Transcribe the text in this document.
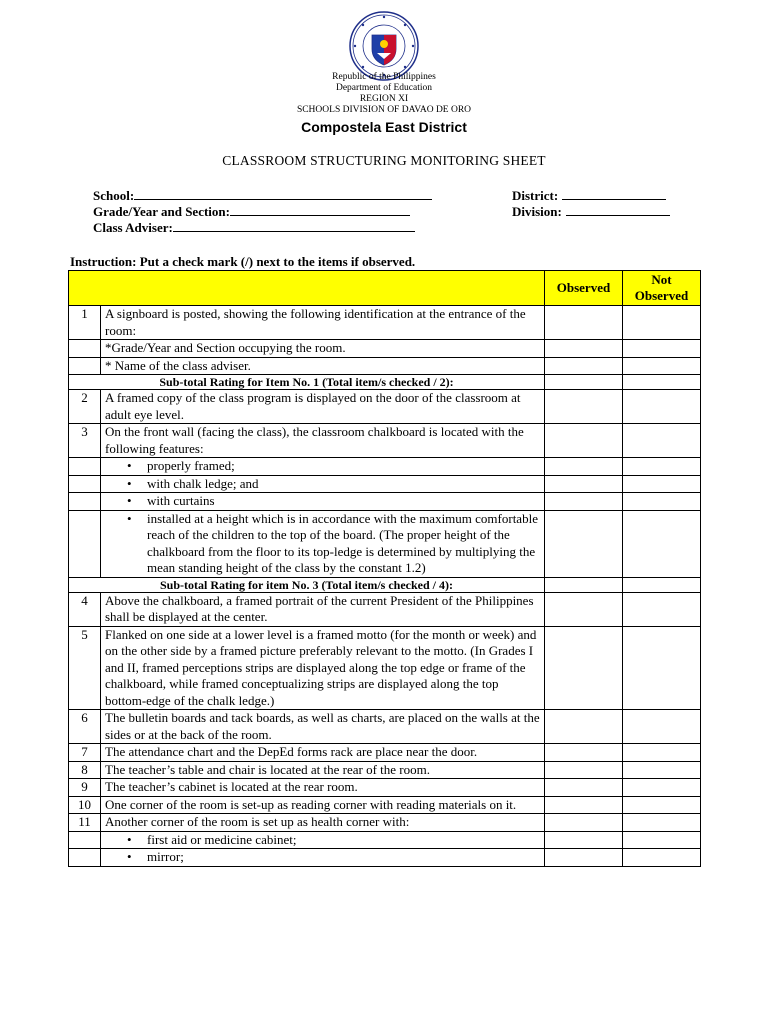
Republic of the Philippines
Department of Education
REGION XI
SCHOOLS DIVISION OF DAVAO DE ORO
Compostela East District
CLASSROOM STRUCTURING MONITORING SHEET
School:
Grade/Year and Section:
Class Adviser:
District:
Division:
Instruction: Put a check mark (/) next to the items if observed.
		Observed	Not Observed
1	A signboard is posted, showing the following identification at the entrance of the room:		
	*Grade/Year and Section occupying the room.		
	* Name of the class adviser.		
Sub-total Rating for Item No. 1 (Total item/s checked / 2):			
2	A framed copy of the class program is displayed on the door of the classroom at adult eye level.		
3	On the front wall (facing the class), the classroom chalkboard is located with the following features:		

	• properly framed;		

	• with chalk ledge; and		

	• with curtains		

	• installed at a height which is in accordance with the maximum comfortable reach of the children to the top of the board. (The proper height of the chalkboard from the floor to its top-ledge is determined by multiplying the mean standing height of the class by the constant 1.2)		

Sub-total Rating for item No. 3 (Total item/s checked / 4):			
4	Above the chalkboard, a framed portrait of the current President of the Philippines shall be displayed at the center.		
5	Flanked on one side at a lower level is a framed motto (for the month or week) and on the other side by a framed picture preferably relevant to the motto. (In Grades I and II, framed perceptions strips are displayed along the top edge or frame of the chalkboard, while framed conceptualizing strips are displayed along the top bottom-edge of the chalk ledge.)		
6	The bulletin boards and tack boards, as well as charts, are placed on the walls at the sides or at the back of the room.		
7	The attendance chart and the DepEd forms rack are place near the door.		
8	The teacher’s table and chair is located at the rear of the room.		
9	The teacher’s cabinet is located at the rear room.		
10	One corner of the room is set-up as reading corner with reading materials on it.		
11	Another corner of the room is set up as health corner with:		

	• first aid or medicine cabinet;		

	• mirror;		
